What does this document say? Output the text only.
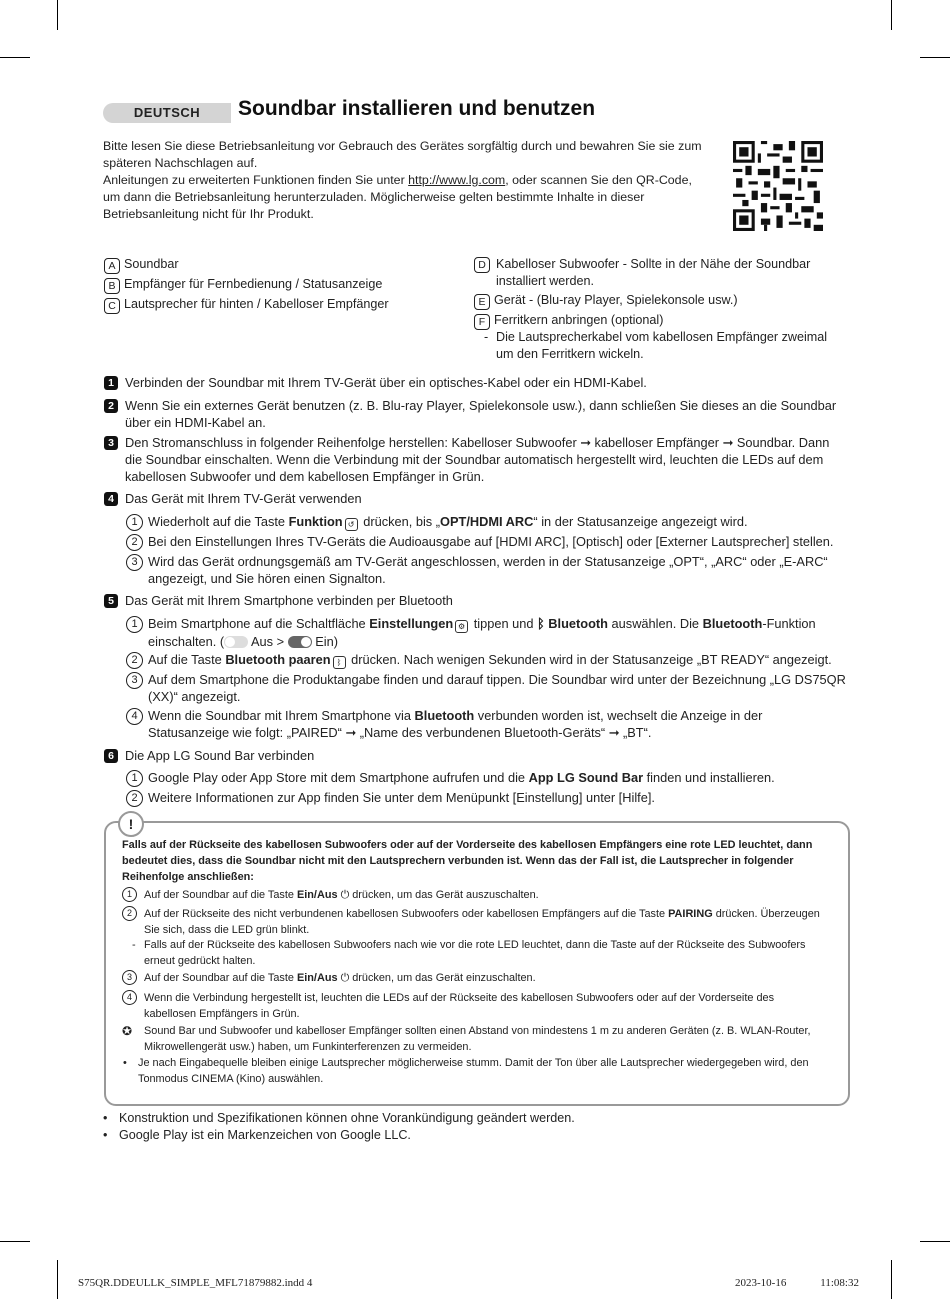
DEUTSCH	Soundbar installieren und benutzen
Bitte lesen Sie diese Betriebsanleitung vor Gebrauch des Gerätes sorgfältig durch und bewahren Sie sie zum späteren Nachschlagen auf.
Anleitungen zu erweiterten Funktionen finden Sie unter http://www.lg.com, oder scannen Sie den QR-Code, um dann die Betriebsanleitung herunterzuladen. Möglicherweise gelten bestimmte Inhalte in dieser Betriebsanleitung nicht für Ihr Produkt.
A Soundbar
B Empfänger für Fernbedienung / Statusanzeige
C Lautsprecher für hinten / Kabelloser Empfänger
D Kabelloser Subwoofer - Sollte in der Nähe der Soundbar installiert werden.
E Gerät - (Blu-ray Player, Spielekonsole usw.)
F Ferritkern anbringen (optional)
- Die Lautsprecherkabel vom kabellosen Empfänger zweimal um den Ferritkern wickeln.
1 Verbinden der Soundbar mit Ihrem TV-Gerät über ein optisches-Kabel oder ein HDMI-Kabel.
2 Wenn Sie ein externes Gerät benutzen (z. B. Blu-ray Player, Spielekonsole usw.), dann schließen Sie dieses an die Soundbar über ein HDMI-Kabel an.
3 Den Stromanschluss in folgender Reihenfolge herstellen: Kabelloser Subwoofer ➞ kabelloser Empfänger ➞ Soundbar. Dann die Soundbar einschalten. Wenn die Verbindung mit der Soundbar automatisch hergestellt wird, leuchten die LEDs auf dem kabellosen Subwoofer und dem kabellosen Empfänger in Grün.
4 Das Gerät mit Ihrem TV-Gerät verwenden
1 Wiederholt auf die Taste Funktion ↺ drücken, bis „OPT/HDMI ARC“ in der Statusanzeige angezeigt wird.
2 Bei den Einstellungen Ihres TV-Geräts die Audioausgabe auf [HDMI ARC], [Optisch] oder [Externer Lautsprecher] stellen.
3 Wird das Gerät ordnungsgemäß am TV-Gerät angeschlossen, werden in der Statusanzeige „OPT“, „ARC“ oder „E-ARC“ angezeigt, und Sie hören einen Signalton.
5 Das Gerät mit Ihrem Smartphone verbinden per Bluetooth
1 Beim Smartphone auf die Schaltfläche Einstellungen ⚙ tippen und ᛒ Bluetooth auswählen. Die Bluetooth-Funktion einschalten. ( Aus >  Ein)
2 Auf die Taste Bluetooth paaren ᛒ drücken. Nach wenigen Sekunden wird in der Statusanzeige „BT READY“ angezeigt.
3 Auf dem Smartphone die Produktangabe finden und darauf tippen. Die Soundbar wird unter der Bezeichnung „LG DS75QR (XX)“ angezeigt.
4 Wenn die Soundbar mit Ihrem Smartphone via Bluetooth verbunden worden ist, wechselt die Anzeige in der Statusanzeige wie folgt: „PAIRED“ ➞ „Name des verbundenen Bluetooth-Geräts“ ➞ „BT“.
6 Die App LG Sound Bar verbinden
1 Google Play oder App Store mit dem Smartphone aufrufen und die App LG Sound Bar finden und installieren.
2 Weitere Informationen zur App finden Sie unter dem Menüpunkt [Einstellung] unter [Hilfe].
!
Falls auf der Rückseite des kabellosen Subwoofers oder auf der Vorderseite des kabellosen Empfängers eine rote LED leuchtet, dann bedeutet dies, dass die Soundbar nicht mit den Lautsprechern verbunden ist. Wenn das der Fall ist, die Lautsprecher in folgender Reihenfolge anschließen:
1	Auf der Soundbar auf die Taste Ein/Aus ⏻ drücken, um das Gerät auszuschalten.
2	Auf der Rückseite des nicht verbundenen kabellosen Subwoofers oder kabellosen Empfängers auf die Taste PAIRING drücken. Überzeugen Sie sich, dass die LED grün blinkt.
- Falls auf der Rückseite des kabellosen Subwoofers nach wie vor die rote LED leuchtet, dann die Taste auf der Rückseite des Subwoofers erneut gedrückt halten.
3	Auf der Soundbar auf die Taste Ein/Aus ⏻ drücken, um das Gerät einzuschalten.
4	Wenn die Verbindung hergestellt ist, leuchten die LEDs auf der Rückseite des kabellosen Subwoofers oder auf der Vorderseite des kabellosen Empfängers in Grün.
✪ Sound Bar und Subwoofer und kabelloser Empfänger sollten einen Abstand von mindestens 1 m zu anderen Geräten (z. B. WLAN-Router, Mikrowellengerät usw.) haben, um Funkinterferenzen zu vermeiden.
• Je nach Eingabequelle bleiben einige Lautsprecher möglicherweise stumm. Damit der Ton über alle Lautsprecher wiedergegeben wird, den Tonmodus CINEMA (Kino) auswählen.
• Konstruktion und Spezifikationen können ohne Vorankündigung geändert werden.
• Google Play ist ein Markenzeichen von Google LLC.
S75QR.DDEULLK_SIMPLE_MFL71879882.indd 4	2023-10-16      11:08:32
